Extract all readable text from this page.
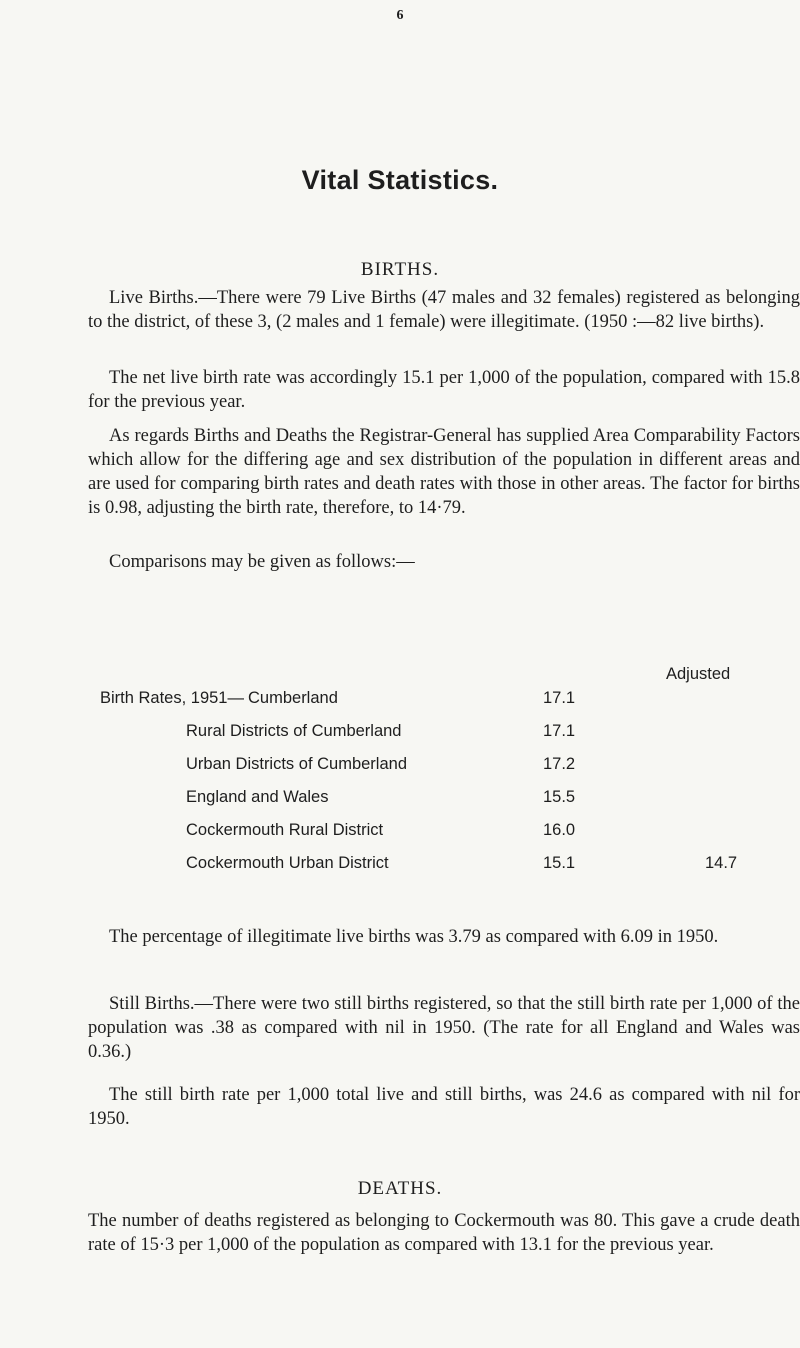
6
Vital Statistics.
BIRTHS.

Live Births.—There were 79 Live Births (47 males and 32 females) registered as belonging to the district, of these 3, (2 males and 1 female) were illegitimate. (1950 :—82 live births).

The net live birth rate was accordingly 15.1 per 1,000 of the population, compared with 15.8 for the previous year.

As regards Births and Deaths the Registrar-General has supplied Area Comparability Factors which allow for the differing age and sex distribution of the population in different areas and are used for comparing birth rates and death rates with those in other areas. The factor for births is 0.98, adjusting the birth rate, therefore, to 14·79.

Comparisons may be given as follows:—

Adjusted
Birth Rates, 1951— Cumberland	17.1
Rural Districts of Cumberland	17.1
Urban Districts of Cumberland	17.2
England and Wales	15.5
Cockermouth Rural District	16.0
Cockermouth Urban District	15.1	14.7

The percentage of illegitimate live births was 3.79 as compared with 6.09 in 1950.

Still Births.—There were two still births registered, so that the still birth rate per 1,000 of the population was .38 as compared with nil in 1950. (The rate for all England and Wales was 0.36.)

The still birth rate per 1,000 total live and still births, was 24.6 as compared with nil for 1950.

DEATHS.

The number of deaths registered as belonging to Cockermouth was 80. This gave a crude death rate of 15·3 per 1,000 of the population as compared with 13.1 for the previous year.
